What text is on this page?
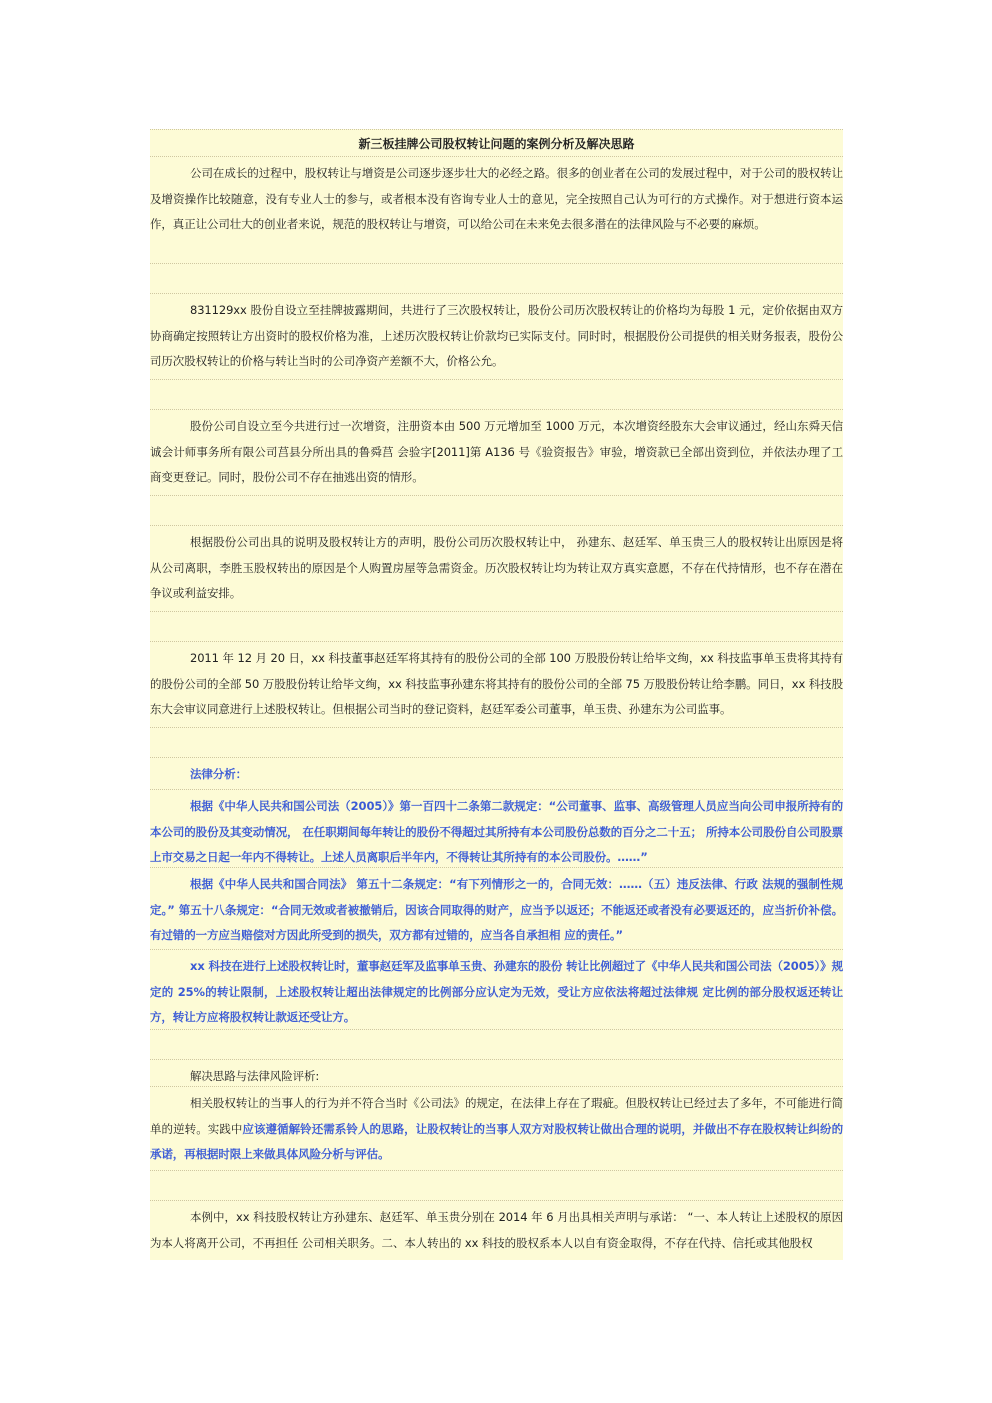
新三板挂牌公司股权转让问题的案例分析及解决思路

公司在成长的过程中，股权转让与增资是公司逐步逐步壮大的必经之路。很多的创业者在公司的发展过程中，对于公司的股权转让及增资操作比较随意，没有专业人士的参与，或者根本没有咨询专业人士的意见，完全按照自己认为可行的方式操作。对于想进行资本运作，真正让公司壮大的创业者来说，规范的股权转让与增资，可以给公司在未来免去很多潜在的法律风险与不必要的麻烦。

831129xx 股份自设立至挂牌披露期间，共进行了三次股权转让，股份公司历次股权转让的价格均为每股 1 元，定价依据由双方协商确定按照转让方出资时的股权价格为准，上述历次股权转让价款均已实际支付。同时时，根据股份公司提供的相关财务报表，股份公司历次股权转让的价格与转让当时的公司净资产差额不大，价格公允。

股份公司自设立至今共进行过一次增资，注册资本由 500 万元增加至 1000 万元，本次增资经股东大会审议通过，经山东舜天信诚会计师事务所有限公司莒县分所出具的鲁舜莒 会验字[2011]第 A136 号《验资报告》审验，增资款已全部出资到位，并依法办理了工商变更登记。同时，股份公司不存在抽逃出资的情形。

根据股份公司出具的说明及股权转让方的声明，股份公司历次股权转让中， 孙建东、赵廷军、单玉贵三人的股权转让出原因是将从公司离职，李胜玉股权转出的原因是个人购置房屋等急需资金。历次股权转让均为转让双方真实意愿，不存在代持情形，也不存在潜在争议或利益安排。

2011 年 12 月 20 日，xx 科技董事赵廷军将其持有的股份公司的全部 100 万股股份转让给毕文绚，xx 科技监事单玉贵将其持有的股份公司的全部 50 万股股份转让给毕文绚，xx 科技监事孙建东将其持有的股份公司的全部 75 万股股份转让给李鹏。同日，xx 科技股东大会审议同意进行上述股权转让。但根据公司当时的登记资料，赵廷军委公司董事，单玉贵、孙建东为公司监事。

法律分析：

根据《中华人民共和国公司法（2005）》第一百四十二条第二款规定：“公司董事、监事、高级管理人员应当向公司申报所持有的本公司的股份及其变动情况， 在任职期间每年转让的股份不得超过其所持有本公司股份总数的百分之二十五； 所持本公司股份自公司股票上市交易之日起一年内不得转让。上述人员离职后半年内，不得转让其所持有的本公司股份。……”

根据《中华人民共和国合同法》 第五十二条规定：“有下列情形之一的，合同无效：……（五）违反法律、行政 法规的强制性规定。” 第五十八条规定：“合同无效或者被撤销后，因该合同取得的财产，应当予以返还；不能返还或者没有必要返还的，应当折价补偿。有过错的一方应当赔偿对方因此所受到的损失，双方都有过错的，应当各自承担相 应的责任。”

xx 科技在进行上述股权转让时，董事赵廷军及监事单玉贵、孙建东的股份 转让比例超过了《中华人民共和国公司法（2005）》规定的 25%的转让限制，上述股权转让超出法律规定的比例部分应认定为无效，受让方应依法将超过法律规 定比例的部分股权返还转让方，转让方应将股权转让款返还受让方。

解决思路与法律风险评析:

相关股权转让的当事人的行为并不符合当时《公司法》的规定，在法律上存在了瑕疵。但股权转让已经过去了多年，不可能进行简单的逆转。实践中应该遵循解铃还需系铃人的思路，让股权转让的当事人双方对股权转让做出合理的说明，并做出不存在股权转让纠纷的承诺，再根据时限上来做具体风险分析与评估。

本例中，xx 科技股权转让方孙建东、赵廷军、单玉贵分别在 2014 年 6 月出具相关声明与承诺： “一、本人转让上述股权的原因为本人将离开公司，不再担任 公司相关职务。二、本人转出的 xx 科技的股权系本人以自有资金取得，不存在代持、信托或其他股权
